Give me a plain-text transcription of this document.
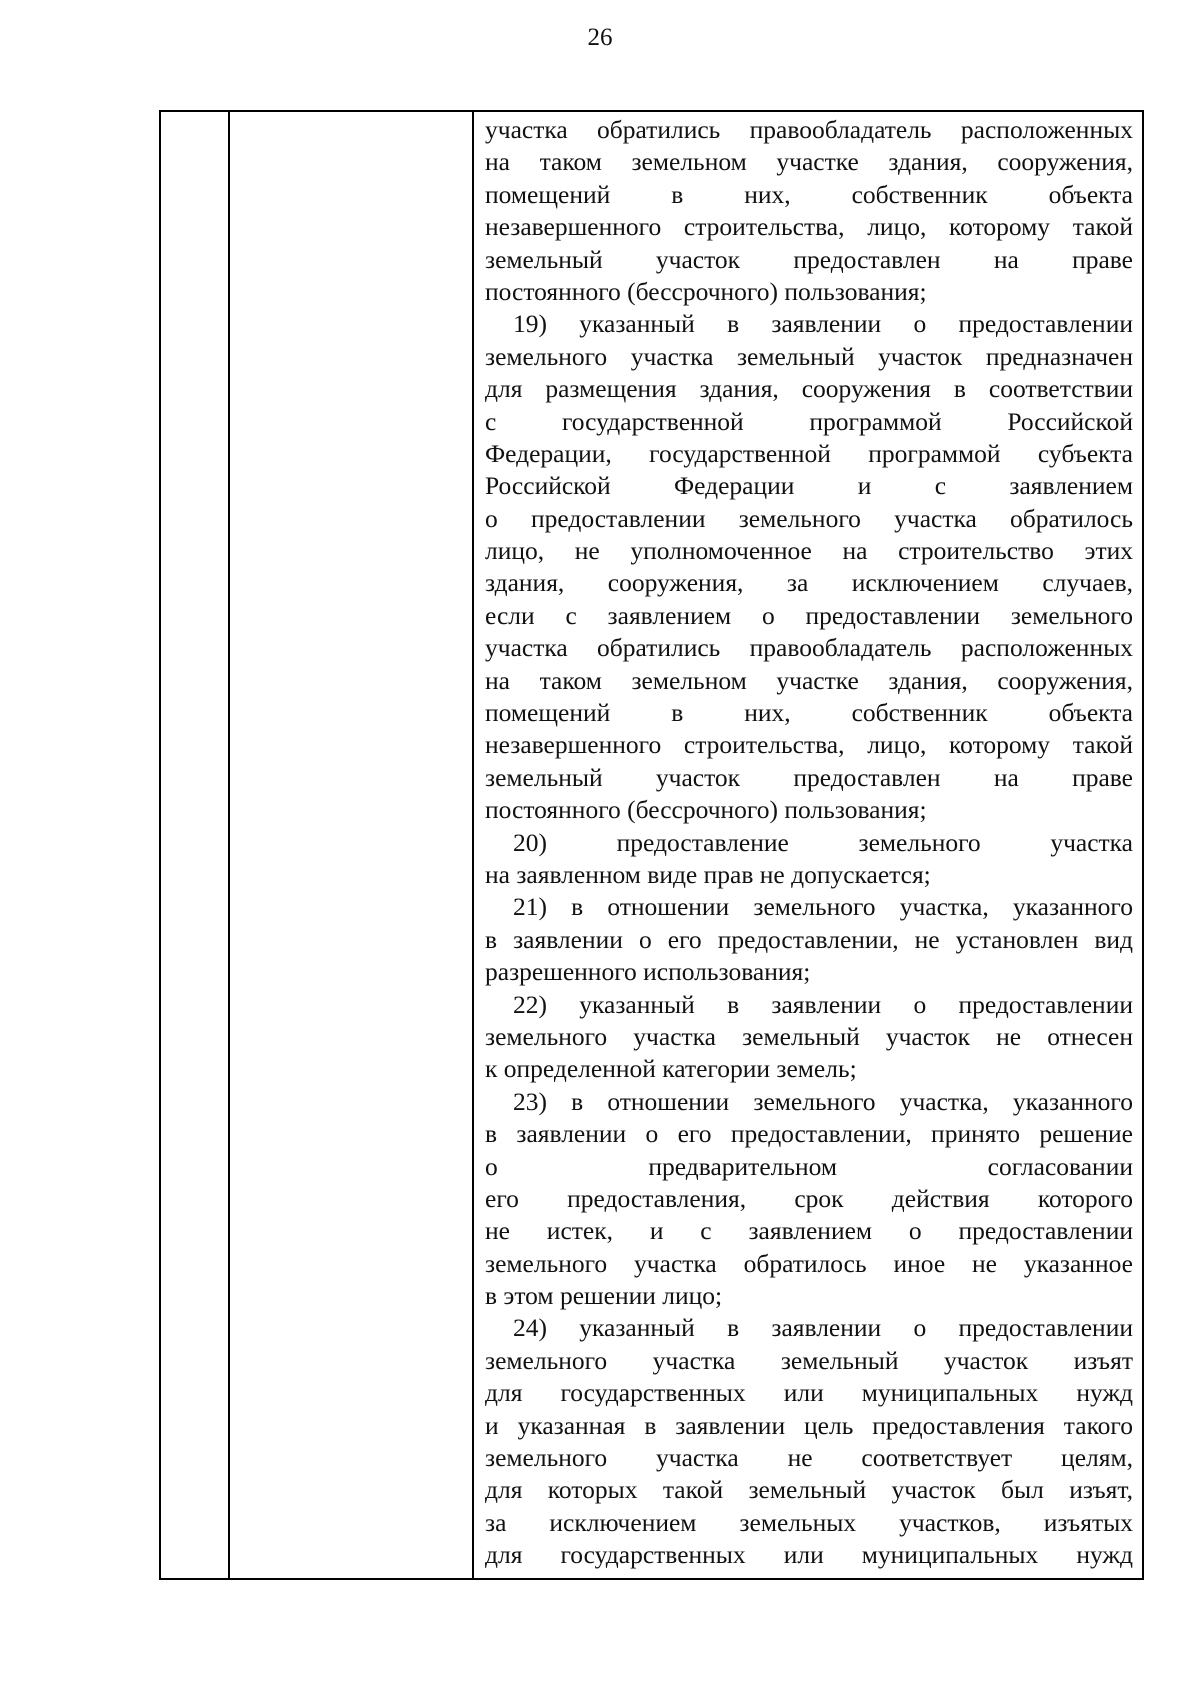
26
участка обратились правообладатель расположенных
на таком земельном участке здания, сооружения,
помещений в них, собственник объекта
незавершенного строительства, лицо, которому такой
земельный участок предоставлен на праве
постоянного (бессрочного) пользования;
19) указанный в заявлении о предоставлении
земельного участка земельный участок предназначен
для размещения здания, сооружения в соответствии
с государственной программой Российской
Федерации, государственной программой субъекта
Российской Федерации и с заявлением
о предоставлении земельного участка обратилось
лицо, не уполномоченное на строительство этих
здания, сооружения, за исключением случаев,
если с заявлением о предоставлении земельного
участка обратились правообладатель расположенных
на таком земельном участке здания, сооружения,
помещений в них, собственник объекта
незавершенного строительства, лицо, которому такой
земельный участок предоставлен на праве
постоянного (бессрочного) пользования;
20) предоставление земельного участка
на заявленном виде прав не допускается;
21) в отношении земельного участка, указанного
в заявлении о его предоставлении, не установлен вид
разрешенного использования;
22) указанный в заявлении о предоставлении
земельного участка земельный участок не отнесен
к определенной категории земель;
23) в отношении земельного участка, указанного
в заявлении о его предоставлении, принято решение
о предварительном согласовании
его предоставления, срок действия которого
не истек, и с заявлением о предоставлении
земельного участка обратилось иное не указанное
в этом решении лицо;
24) указанный в заявлении о предоставлении
земельного участка земельный участок изъят
для государственных или муниципальных нужд
и указанная в заявлении цель предоставления такого
земельного участка не соответствует целям,
для которых такой земельный участок был изъят,
за исключением земельных участков, изъятых
для государственных или муниципальных нужд
